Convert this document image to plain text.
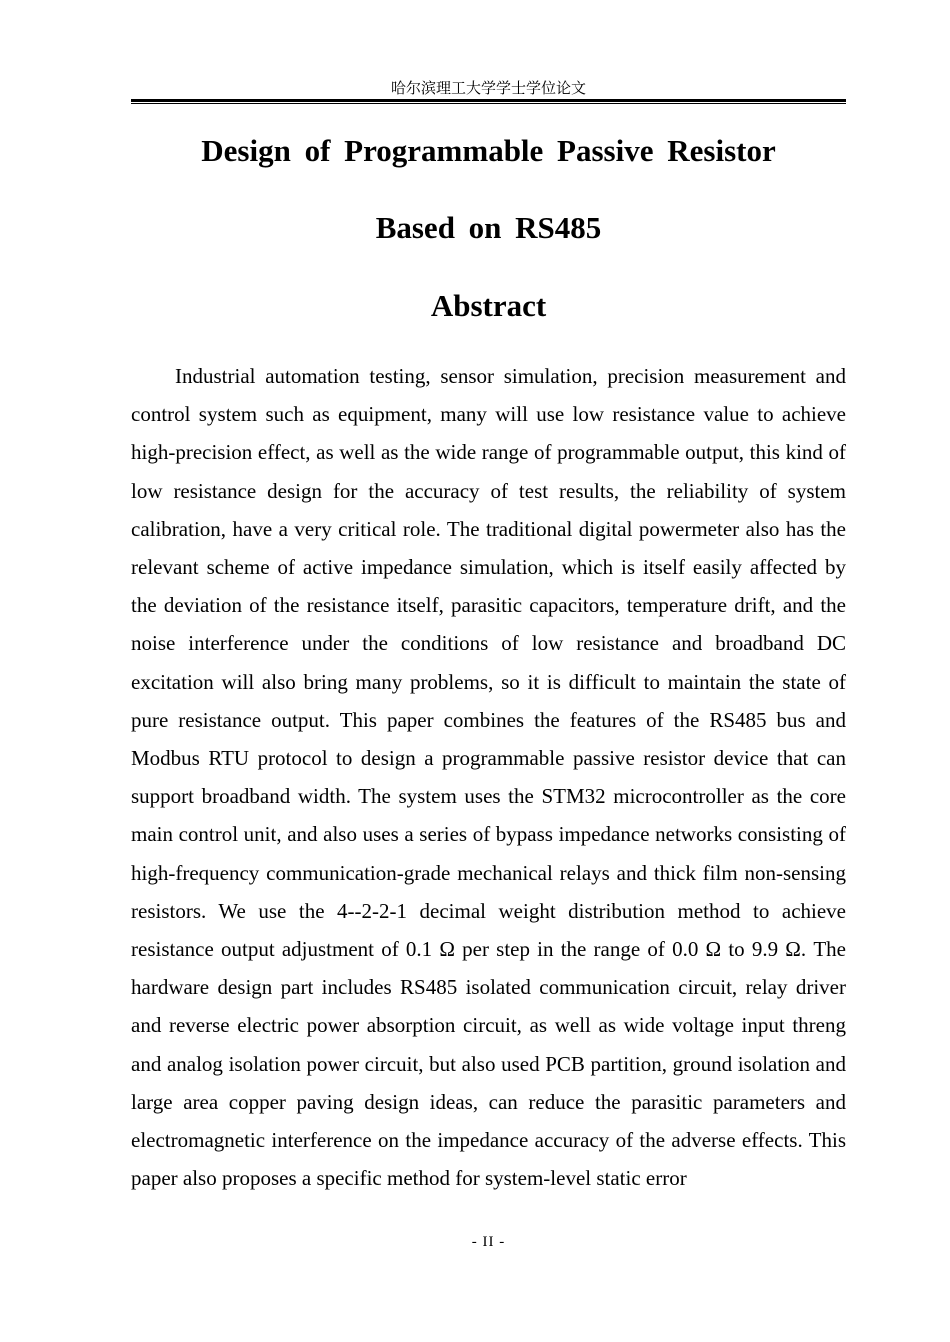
哈尔滨理工大学学士学位论文
Design of Programmable Passive Resistor
Based on RS485
Abstract

Industrial automation testing, sensor simulation, precision measurement and control system such as equipment, many will use low resistance value to achieve high-precision effect, as well as the wide range of programmable output, this kind of low resistance design for the accuracy of test results, the reliability of system calibration, have a very critical role. The traditional digital powermeter also has the relevant scheme of active impedance simulation, which is itself easily affected by the deviation of the resistance itself, parasitic capacitors, temperature drift, and the noise interference under the conditions of low resistance and broadband DC excitation will also bring many problems, so it is difficult to maintain the state of pure resistance output. This paper combines the features of the RS485 bus and Modbus RTU protocol to design a programmable passive resistor device that can support broadband width. The system uses the STM32 microcontroller as the core main control unit, and also uses a series of bypass impedance networks consisting of high-frequency communication-grade mechanical relays and thick film non-sensing resistors. We use the 4--2-2-1 decimal weight distribution method to achieve resistance output adjustment of 0.1 Ω per step in the range of 0.0 Ω to 9.9 Ω. The hardware design part includes RS485 isolated communication circuit, relay driver and reverse electric power absorption circuit, as well as wide voltage input threng and analog isolation power circuit, but also used PCB partition, ground isolation and large area copper paving design ideas, can reduce the parasitic parameters and electromagnetic interference on the impedance accuracy of the adverse effects. This paper also proposes a specific method for system-level static error

- II -
